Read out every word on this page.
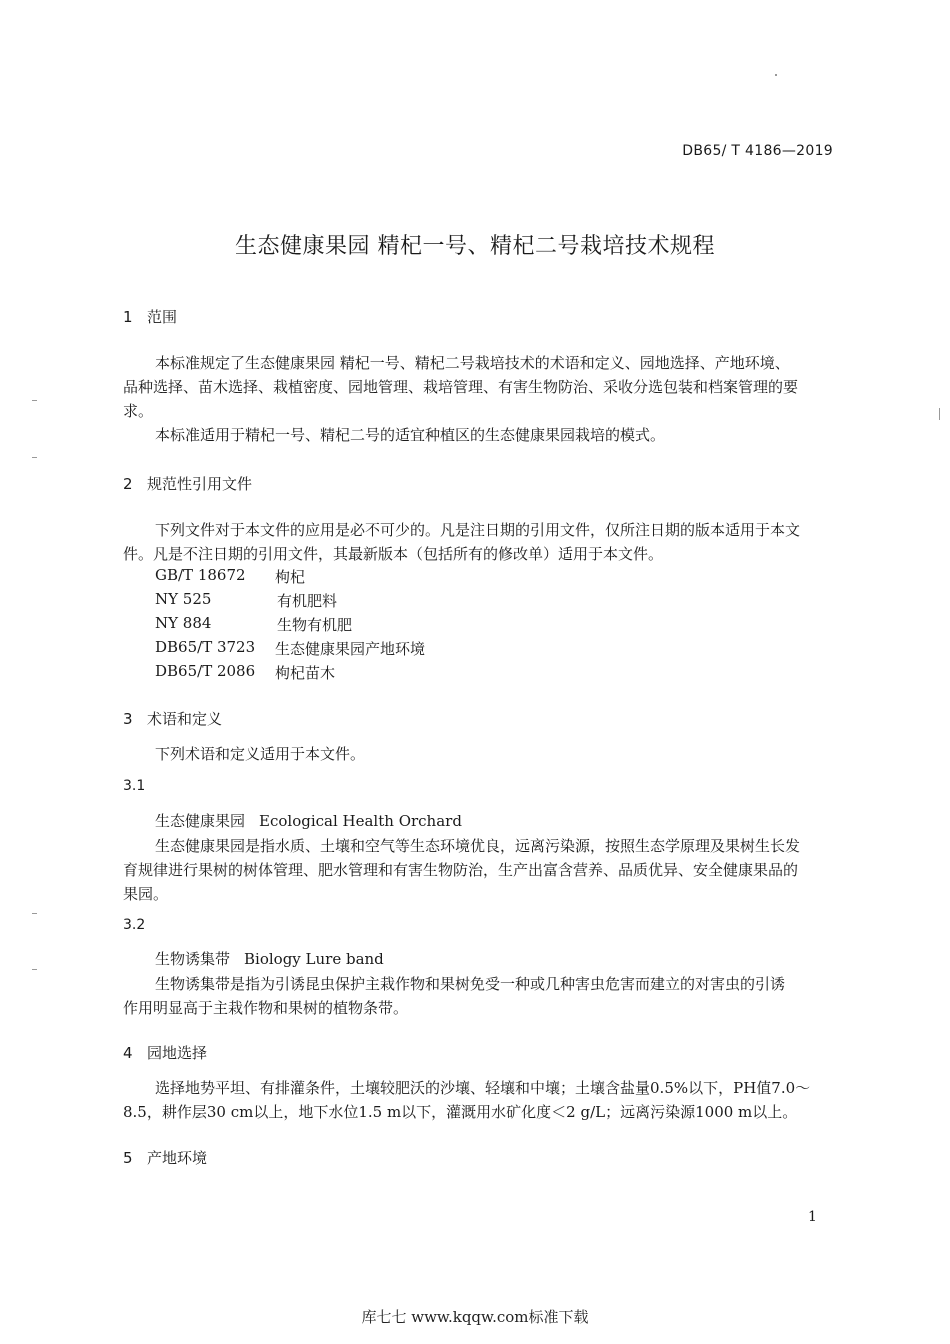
DB65/ T 4186—2019
生态健康果园 精杞一号、精杞二号栽培技术规程
1 范围
本标准规定了生态健康果园 精杞一号、精杞二号栽培技术的术语和定义、园地选择、产地环境、
品种选择、苗木选择、栽植密度、园地管理、栽培管理、有害生物防治、采收分选包装和档案管理的要
求。
本标准适用于精杞一号、精杞二号的适宜种植区的生态健康果园栽培的模式。
2 规范性引用文件
下列文件对于本文件的应用是必不可少的。凡是注日期的引用文件，仅所注日期的版本适用于本文
件。凡是不注日期的引用文件，其最新版本（包括所有的修改单）适用于本文件。
GB/T 18672 枸杞
NY 525	有机肥料
NY 884	生物有机肥
DB65/T 3723 生态健康果园产地环境
DB65/T 2086 枸杞苗木
3 术语和定义
下列术语和定义适用于本文件。
3.1
生态健康果园 Ecological Health Orchard
生态健康果园是指水质、土壤和空气等生态环境优良，远离污染源，按照生态学原理及果树生长发
育规律进行果树的树体管理、肥水管理和有害生物防治，生产出富含营养、品质优异、安全健康果品的
果园。
3.2
生物诱集带 Biology Lure band
生物诱集带是指为引诱昆虫保护主栽作物和果树免受一种或几种害虫危害而建立的对害虫的引诱
作用明显高于主栽作物和果树的植物条带。
4 园地选择
选择地势平坦、有排灌条件，土壤较肥沃的沙壤、轻壤和中壤；土壤含盐量0.5%以下，PH值7.0～
8.5，耕作层30 cm以上，地下水位1.5 m以下，灌溉用水矿化度＜2 g/L；远离污染源1000 m以上。
5 产地环境
1
库七七 www.kqqw.com标准下载
